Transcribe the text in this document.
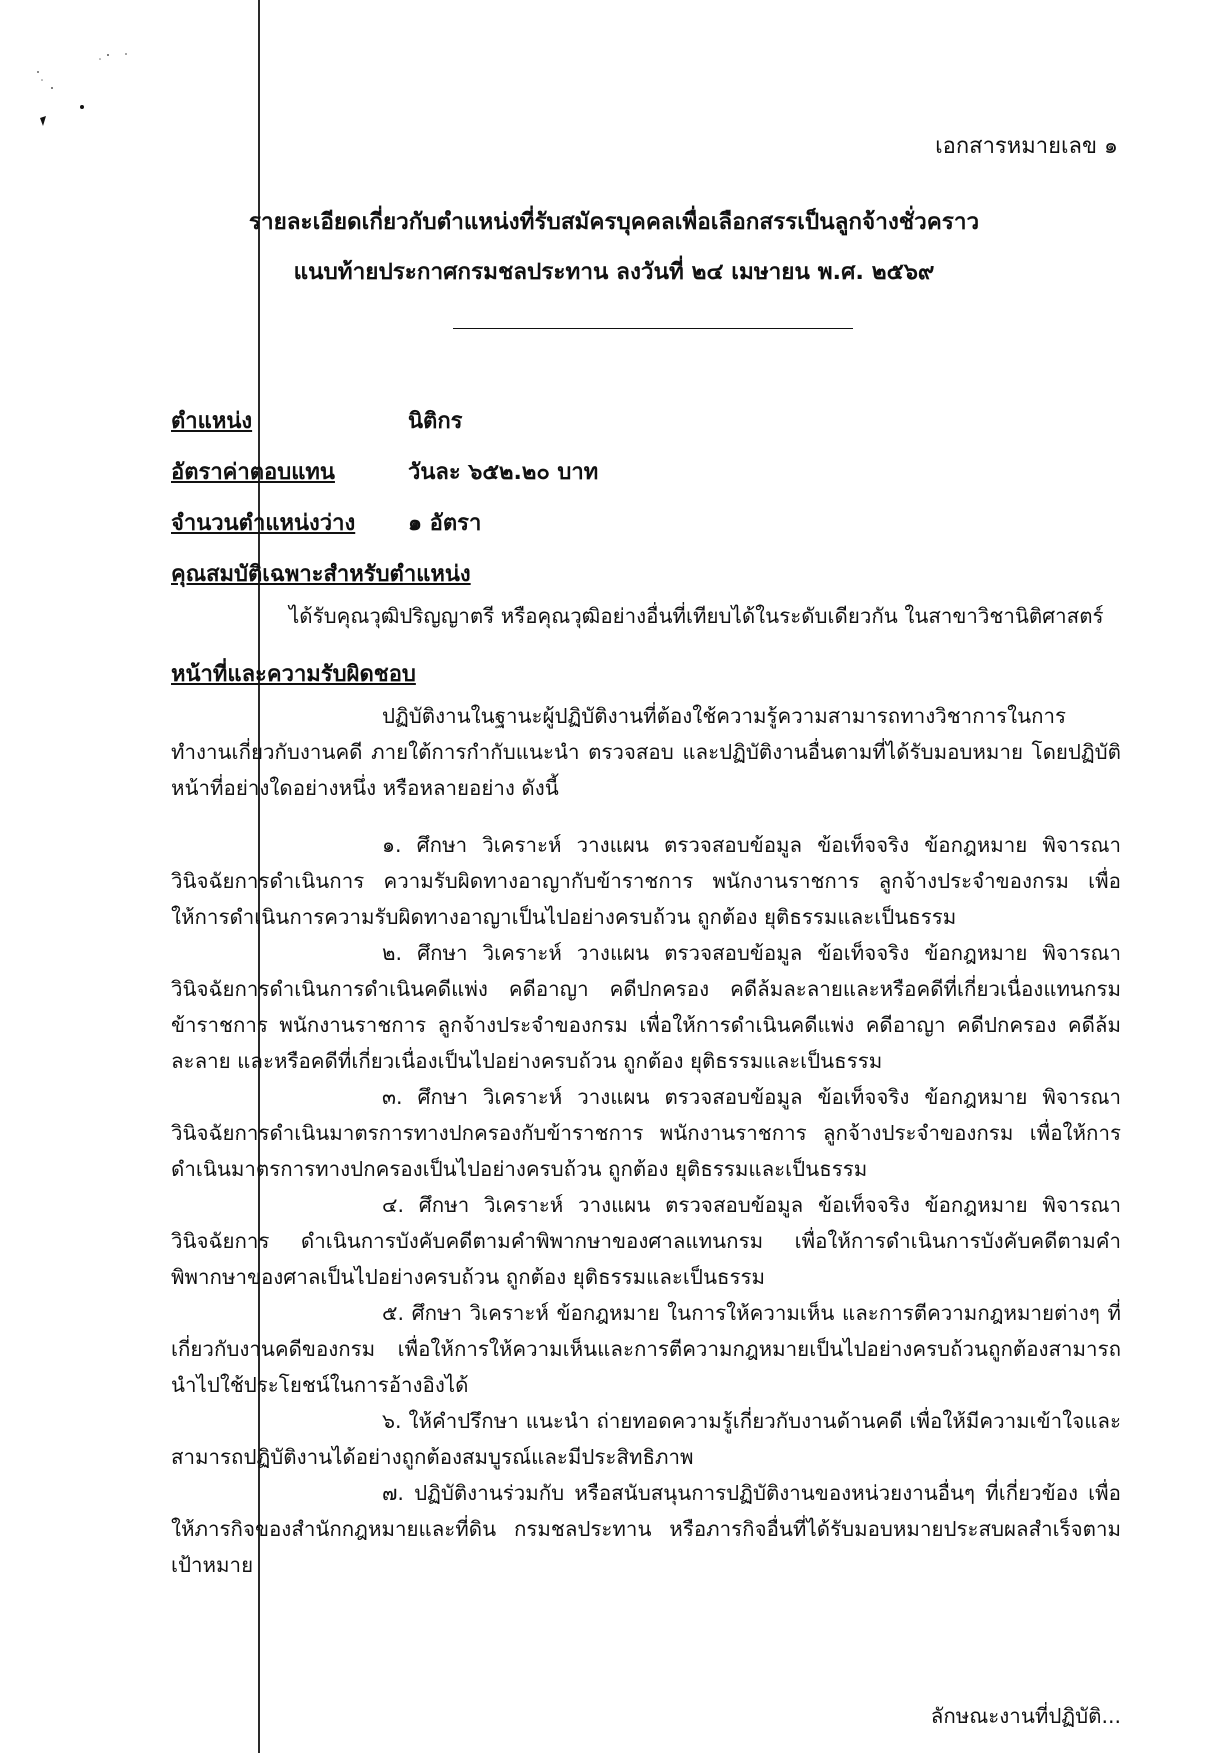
เอกสารหมายเลข ๑
รายละเอียดเกี่ยวกับตำแหน่งที่รับสมัครบุคคลเพื่อเลือกสรรเป็นลูกจ้างชั่วคราว
แนบท้ายประกาศกรมชลประทาน ลงวันที่ ๒๔ เมษายน พ.ศ. ๒๕๖๙
ตำแหน่ง	นิติกร
อัตราค่าตอบแทน	วันละ ๖๕๒.๒๐ บาท
จำนวนตำแหน่งว่าง ๑ อัตรา
คุณสมบัติเฉพาะสำหรับตำแหน่ง

ได้รับคุณวุฒิปริญญาตรี หรือคุณวุฒิอย่างอื่นที่เทียบได้ในระดับเดียวกัน ในสาขาวิชานิติศาสตร์

หน้าที่และความรับผิดชอบ

ปฏิบัติงานในฐานะผู้ปฏิบัติงานที่ต้องใช้ความรู้ความสามารถทางวิชาการในการทำงานเกี่ยวกับงานคดี ภายใต้การกำกับแนะนำ ตรวจสอบ และปฏิบัติงานอื่นตามที่ได้รับมอบหมาย โดยปฏิบัติหน้าที่อย่างใดอย่างหนึ่ง หรือหลายอย่าง ดังนี้

๑. ศึกษา วิเคราะห์ วางแผน ตรวจสอบข้อมูล ข้อเท็จจริง ข้อกฎหมาย พิจารณาวินิจฉัยการดำเนินการ ความรับผิดทางอาญากับข้าราชการ พนักงานราชการ ลูกจ้างประจำของกรม เพื่อให้การดำเนินการความรับผิดทางอาญาเป็นไปอย่างครบถ้วน ถูกต้อง ยุติธรรมและเป็นธรรม

๒. ศึกษา วิเคราะห์ วางแผน ตรวจสอบข้อมูล ข้อเท็จจริง ข้อกฎหมาย พิจารณาวินิจฉัยการดำเนินการดำเนินคดีแพ่ง คดีอาญา คดีปกครอง คดีล้มละลายและหรือคดีที่เกี่ยวเนื่องแทนกรม ข้าราชการ พนักงานราชการ ลูกจ้างประจำของกรม เพื่อให้การดำเนินคดีแพ่ง คดีอาญา คดีปกครอง คดีล้มละลาย และหรือคดีที่เกี่ยวเนื่องเป็นไปอย่างครบถ้วน ถูกต้อง ยุติธรรมและเป็นธรรม

๓. ศึกษา วิเคราะห์ วางแผน ตรวจสอบข้อมูล ข้อเท็จจริง ข้อกฎหมาย พิจารณาวินิจฉัยการดำเนินมาตรการทางปกครองกับข้าราชการ พนักงานราชการ ลูกจ้างประจำของกรม เพื่อให้การดำเนินมาตรการทางปกครองเป็นไปอย่างครบถ้วน ถูกต้อง ยุติธรรมและเป็นธรรม

๔. ศึกษา วิเคราะห์ วางแผน ตรวจสอบข้อมูล ข้อเท็จจริง ข้อกฎหมาย พิจารณาวินิจฉัยการ ดำเนินการบังคับคดีตามคำพิพากษาของศาลแทนกรม เพื่อให้การดำเนินการบังคับคดีตามคำพิพากษาของศาลเป็นไปอย่างครบถ้วน ถูกต้อง ยุติธรรมและเป็นธรรม

๕. ศึกษา วิเคราะห์ ข้อกฎหมาย ในการให้ความเห็น และการตีความกฎหมายต่างๆ ที่เกี่ยวกับงานคดีของกรม เพื่อให้การให้ความเห็นและการตีความกฎหมายเป็นไปอย่างครบถ้วนถูกต้องสามารถนำไปใช้ประโยชน์ในการอ้างอิงได้

๖. ให้คำปรึกษา แนะนำ ถ่ายทอดความรู้เกี่ยวกับงานด้านคดี เพื่อให้มีความเข้าใจและสามารถปฏิบัติงานได้อย่างถูกต้องสมบูรณ์และมีประสิทธิภาพ

๗. ปฏิบัติงานร่วมกับ หรือสนับสนุนการปฏิบัติงานของหน่วยงานอื่นๆ ที่เกี่ยวข้อง เพื่อให้ภารกิจของสำนักกฎหมายและที่ดิน กรมชลประทาน หรือภารกิจอื่นที่ได้รับมอบหมายประสบผลสำเร็จตามเป้าหมาย

ลักษณะงานที่ปฏิบัติ...
